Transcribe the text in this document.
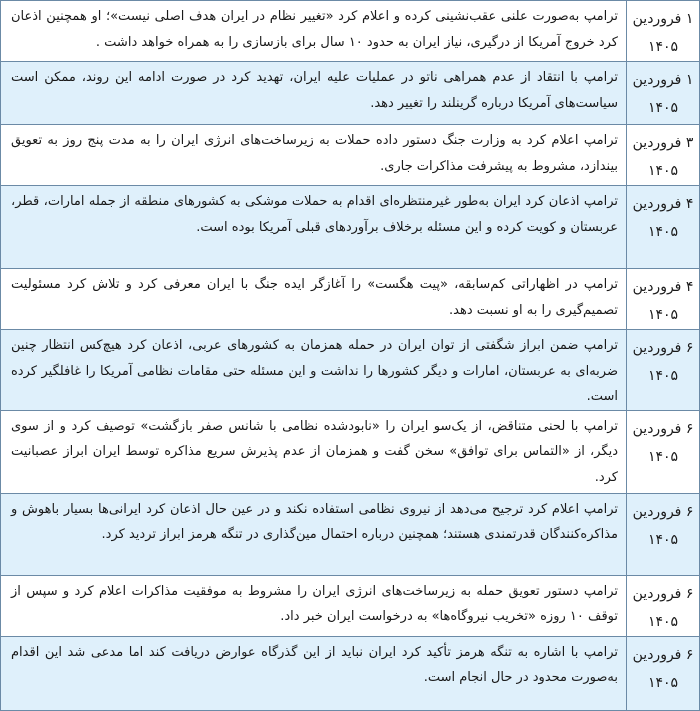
۱ فروردین
۱۴۰۵	ترامپ به‌صورت علنی عقب‌نشینی کرده و اعلام کرد «تغییر نظام در ایران هدف اصلی نیست»؛ او همچنین اذعان کرد خروج آمریکا از درگیری، نیاز ایران به حدود ۱۰ سال برای بازسازی را به همراه خواهد داشت .

۱ فروردین
۱۴۰۵	ترامپ با انتقاد از عدم همراهی ناتو در عملیات علیه ایران، تهدید کرد در صورت ادامه این روند، ممکن است سیاست‌های آمریکا درباره گرینلند را تغییر دهد.

۳ فروردین
۱۴۰۵	ترامپ اعلام کرد به وزارت جنگ دستور داده حملات به زیرساخت‌های انرژی ایران را به مدت پنج روز به تعویق بیندازد، مشروط به پیشرفت مذاکرات جاری.

۴ فروردین
۱۴۰۵	ترامپ اذعان کرد ایران به‌طور غیرمنتظره‌ای اقدام به حملات موشکی به کشورهای منطقه از جمله امارات، قطر، عربستان و کویت کرده و این مسئله برخلاف برآوردهای قبلی آمریکا بوده است.

۴ فروردین
۱۴۰۵	ترامپ در اظهاراتی کم‌سابقه، «پیت هگست» را آغازگر ایده جنگ با ایران معرفی کرد و تلاش کرد مسئولیت تصمیم‌گیری را به او نسبت دهد.

۶ فروردین
۱۴۰۵	ترامپ ضمن ابراز شگفتی از توان ایران در حمله همزمان به کشورهای عربی، اذعان کرد هیچ‌کس انتظار چنین ضربه‌ای به عربستان، امارات و دیگر کشورها را نداشت و این مسئله حتی مقامات نظامی آمریکا را غافلگیر کرده است.

۶ فروردین
۱۴۰۵	ترامپ با لحنی متناقض، از یک‌سو ایران را «نابودشده نظامی با شانس صفر بازگشت» توصیف کرد و از سوی دیگر، از «التماس برای توافق» سخن گفت و همزمان از عدم پذیرش سریع مذاکره توسط ایران ابراز عصبانیت کرد.

۶ فروردین
۱۴۰۵	ترامپ اعلام کرد ترجیح می‌دهد از نیروی نظامی استفاده نکند و در عین حال اذعان کرد ایرانی‌ها بسیار باهوش و مذاکره‌کنندگان قدرتمندی هستند؛ همچنین درباره احتمال مین‌گذاری در تنگه هرمز ابراز تردید کرد.

۶ فروردین
۱۴۰۵	ترامپ دستور تعویق حمله به زیرساخت‌های انرژی ایران را مشروط به موفقیت مذاکرات اعلام کرد و سپس از توقف ۱۰ روزه «تخریب نیروگاه‌ها» به درخواست ایران خبر داد.

۶ فروردین
۱۴۰۵	ترامپ با اشاره به تنگه هرمز تأکید کرد ایران نباید از این گذرگاه عوارض دریافت کند اما مدعی شد این اقدام به‌صورت محدود در حال انجام است.
